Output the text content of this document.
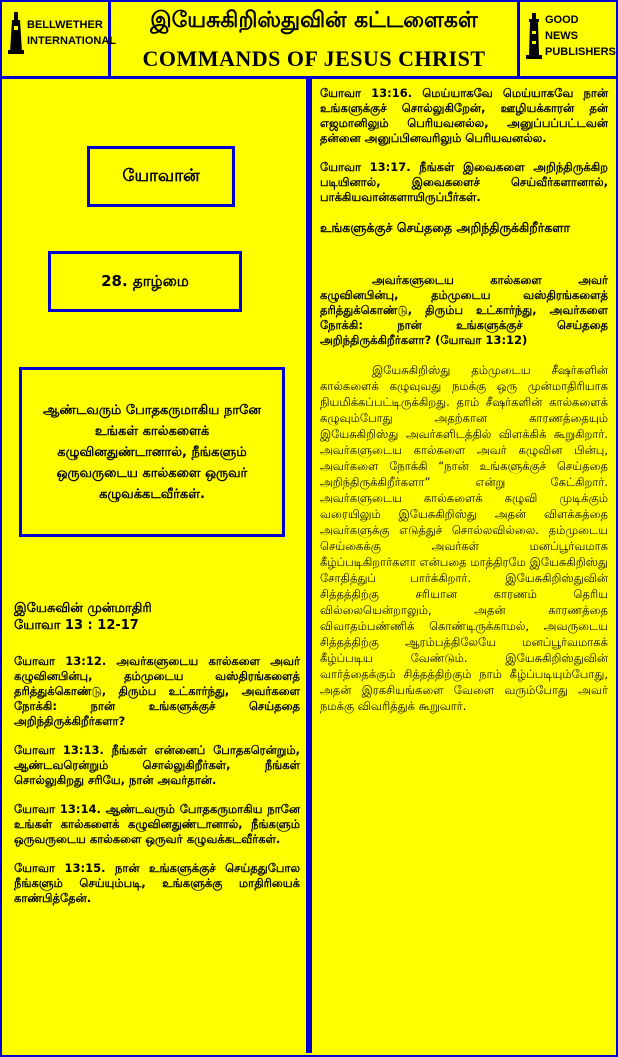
BELLWETHER INTERNATIONAL
இயேசுகிறிஸ்துவின் கட்டளைகள்
COMMANDS OF JESUS CHRIST
GOOD NEWS PUBLISHERS
யோவான்
28. தாழ்மை
ஆண்டவரும் போதகருமாகிய நானே உங்கள் கால்களைக் கழுவினதுண்டானால், நீங்களும் ஒருவருடைய கால்களை ஒருவர் கழுவக்கடவீர்கள்.

இயேசுவின் முன்மாதிரி

யோவா 13 : 12-17

யோவா 13:12. அவர்களுடைய கால்களை அவர் கழுவினபின்பு, தம்முடைய வஸ்திரங்களைத் தரித்துக்கொண்டு, திரும்ப உட்கார்ந்து, அவர்களை நோக்கி: நான் உங்களுக்குச் செய்ததை அறிந்திருக்கிறீர்களா?

யோவா 13:13. நீங்கள் என்னைப் போதகரென்றும், ஆண்டவரென்றும் சொல்லுகிறீர்கள், நீங்கள் சொல்லுகிறது சரியே, நான் அவர்தான்.

யோவா 13:14. ஆண்டவரும் போதகருமாகிய நானே உங்கள் கால்களைக் கழுவினதுண்டானால், நீங்களும் ஒருவருடைய கால்களை ஒருவர் கழுவக்கடவீர்கள்.

யோவா 13:15. நான் உங்களுக்குச் செய்ததுபோல நீங்களும் செய்யும்படி, உங்களுக்கு மாதிரியைக் காண்பித்தேன்.

யோவா 13:16. மெய்யாகவே மெய்யாகவே நான் உங்களுக்குச் சொல்லுகிறேன், ஊழியக்காரன் தன் எஜமானிலும் பெரியவனல்ல, அனுப்பப்பட்டவன் தன்னை அனுப்பினவரிலும் பெரியவனல்ல.

யோவா 13:17. நீங்கள் இவைகளை அறிந்திருக்கிற படியினால், இவைகளைச் செய்வீர்களானால், பாக்கியவான்களாயிருப்பீர்கள்.

உங்களுக்குச் செய்ததை அறிந்திருக்கிறீர்களா

அவர்களுடைய கால்களை அவர் கழுவினபின்பு, தம்முடைய வஸ்திரங்களைத் தரித்துக்கொண்டு, திரும்ப உட்கார்ந்து, அவர்களை நோக்கி: நான் உங்களுக்குச் செய்ததை அறிந்திருக்கிறீர்களா? (யோவா 13:12)

இயேசுகிறிஸ்து தம்முடைய சீஷர்களின் கால்களைக் கழுவுவது நமக்கு ஒரு முன்மாதிரியாக நியமிக்கப்பட்டிருக்கிறது. தாம் சீஷர்களின் கால்களைக் கழுவும்போது அதற்கான காரணத்தையும் இயேசுகிறிஸ்து அவர்களிடத்தில் விளக்கிக் கூறுகிறார். அவர்களுடைய கால்களை அவர் கழுவின பின்பு, அவர்களை நோக்கி “நான் உங்களுக்குச் செய்ததை அறிந்திருக்கிறீர்களா” என்று கேட்கிறார். அவர்களுடைய கால்களைக் கழுவி முடிக்கும் வரையிலும் இயேசுகிறிஸ்து அதன் விளக்கத்தை அவர்களுக்கு எடுத்துச் சொல்லவில்லை. தம்முடைய செய்கைக்கு அவர்கள் மனப்பூர்வமாக கீழ்ப்படிகிறார்களா என்பதை மாத்திரமே இயேசுகிறிஸ்து சோதித்துப் பார்க்கிறார். இயேசுகிறிஸ்துவின் சித்தத்திற்கு சரியான காரணம் தெரிய வில்லையென்றாலும், அதன் காரணத்தை விவாதம்பண்ணிக் கொண்டிருக்காமல், அவருடைய சித்தத்திற்கு ஆரம்பத்திலேயே மனப்பூர்வமாகக் கீழ்ப்படிய வேண்டும். இயேசுகிறிஸ்துவின் வார்த்தைக்கும் சித்தத்திற்கும் நாம் கீழ்ப்படியும்போது, அதன் இரகசியங்களை வேளை வரும்போது அவர் நமக்கு விவரித்துக் கூறுவார்.
